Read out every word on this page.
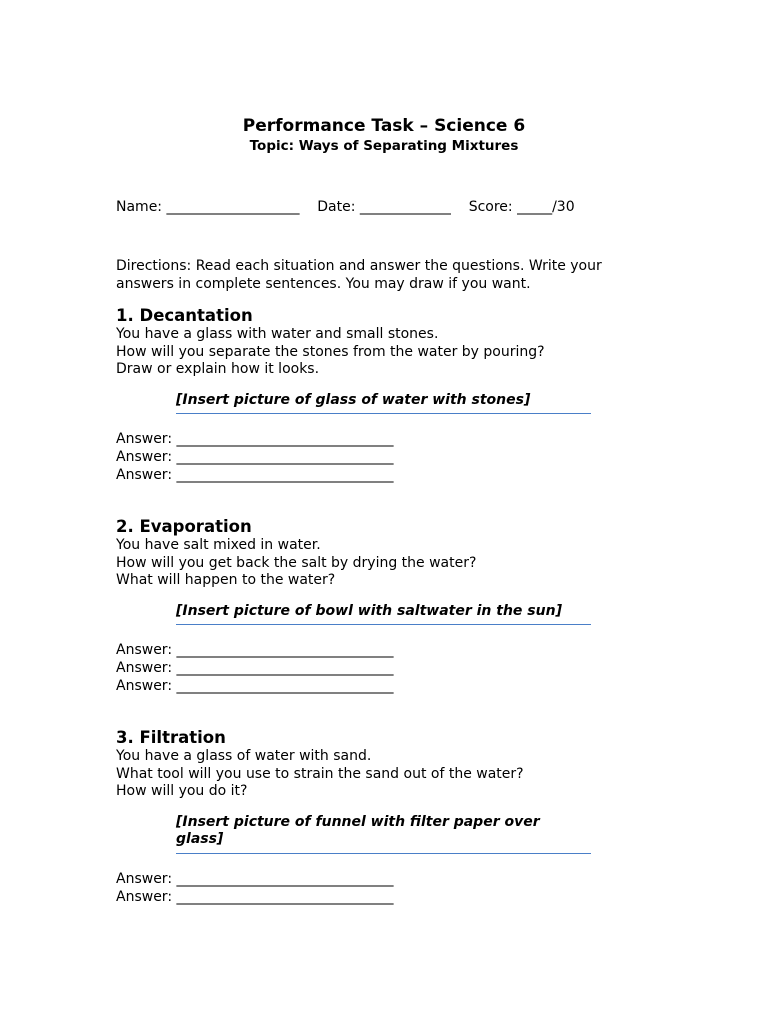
Performance Task – Science 6
Topic: Ways of Separating Mixtures
Name: ___________________    Date: _____________    Score: _____/30
Directions: Read each situation and answer the questions. Write your answers in complete sentences. You may draw if you want.

1. Decantation

You have a glass with water and small stones.

How will you separate the stones from the water by pouring?

Draw or explain how it looks.

[Insert picture of glass of water with stones]

Answer: _______________________________

Answer: _______________________________

Answer: _______________________________

2. Evaporation

You have salt mixed in water.

How will you get back the salt by drying the water?

What will happen to the water?

[Insert picture of bowl with saltwater in the sun]

Answer: _______________________________

Answer: _______________________________

Answer: _______________________________

3. Filtration

You have a glass of water with sand.

What tool will you use to strain the sand out of the water?

How will you do it?

[Insert picture of funnel with filter paper over glass]

Answer: _______________________________

Answer: _______________________________
